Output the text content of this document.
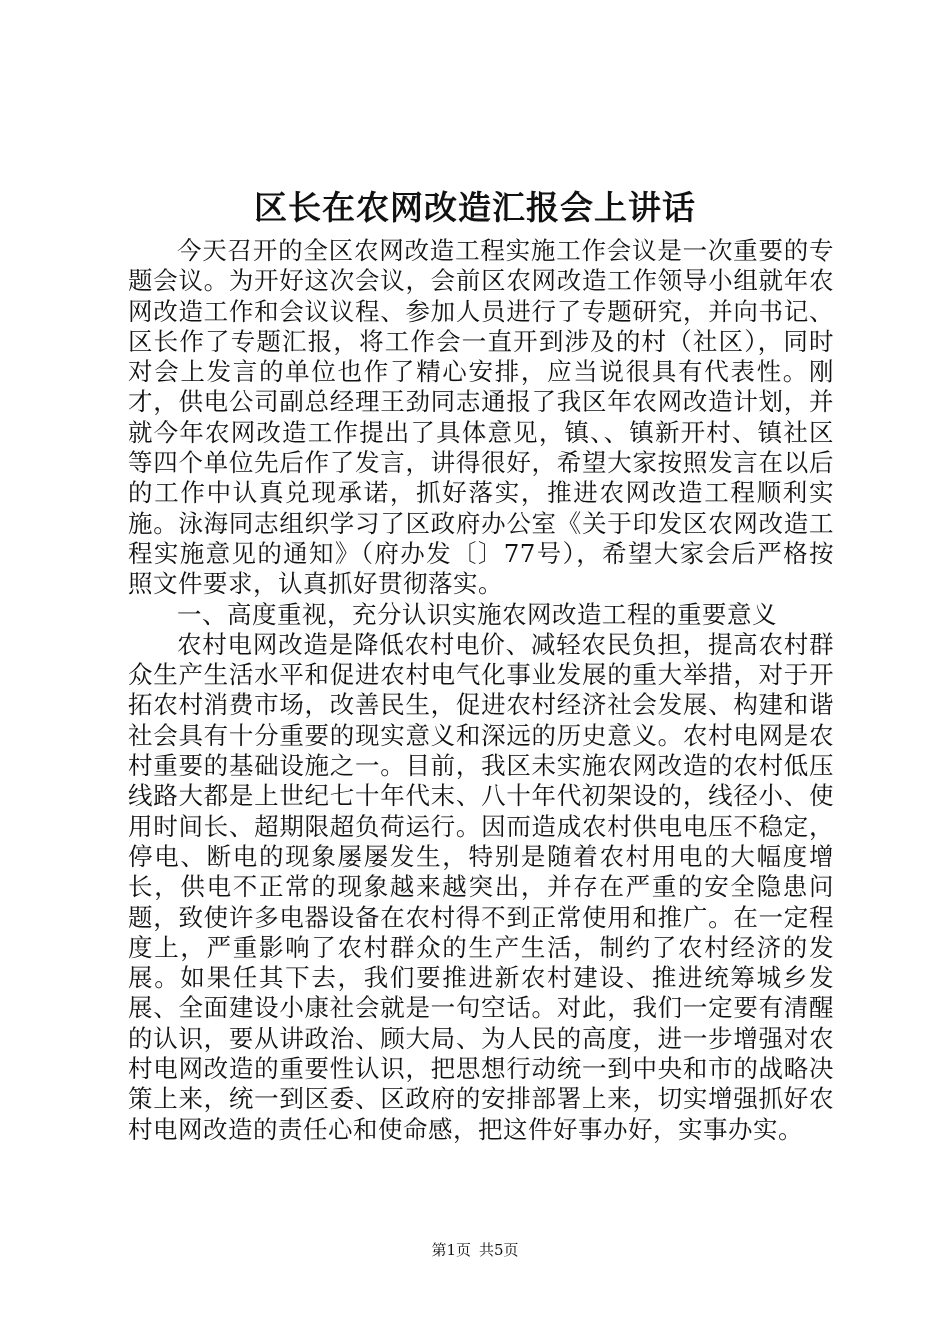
区长在农网改造汇报会上讲话

今天召开的全区农网改造工程实施工作会议是一次重要的专题会议。为开好这次会议，会前区农网改造工作领导小组就年农网改造工作和会议议程、参加人员进行了专题研究，并向书记、区长作了专题汇报，将工作会一直开到涉及的村（社区），同时对会上发言的单位也作了精心安排，应当说很具有代表性。刚才，供电公司副总经理王劲同志通报了我区年农网改造计划，并就今年农网改造工作提出了具体意见，镇、、镇新开村、镇社区等四个单位先后作了发言，讲得很好，希望大家按照发言在以后的工作中认真兑现承诺，抓好落实，推进农网改造工程顺利实施。泳海同志组织学习了区政府办公室《关于印发区农网改造工程实施意见的通知》（府办发〔〕77号），希望大家会后严格按照文件要求，认真抓好贯彻落实。

一、高度重视，充分认识实施农网改造工程的重要意义

农村电网改造是降低农村电价、减轻农民负担，提高农村群众生产生活水平和促进农村电气化事业发展的重大举措，对于开拓农村消费市场，改善民生，促进农村经济社会发展、构建和谐社会具有十分重要的现实意义和深远的历史意义。农村电网是农村重要的基础设施之一。目前，我区未实施农网改造的农村低压线路大都是上世纪七十年代末、八十年代初架设的，线径小、使用时间长、超期限超负荷运行。因而造成农村供电电压不稳定，停电、断电的现象屡屡发生，特别是随着农村用电的大幅度增长，供电不正常的现象越来越突出，并存在严重的安全隐患问题，致使许多电器设备在农村得不到正常使用和推广。在一定程度上，严重影响了农村群众的生产生活，制约了农村经济的发展。如果任其下去，我们要推进新农村建设、推进统筹城乡发展、全面建设小康社会就是一句空话。对此，我们一定要有清醒的认识，要从讲政治、顾大局、为人民的高度，进一步增强对农村电网改造的重要性认识，把思想行动统一到中央和市的战略决策上来，统一到区委、区政府的安排部署上来，切实增强抓好农村电网改造的责任心和使命感，把这件好事办好，实事办实。

第1页 共5页
